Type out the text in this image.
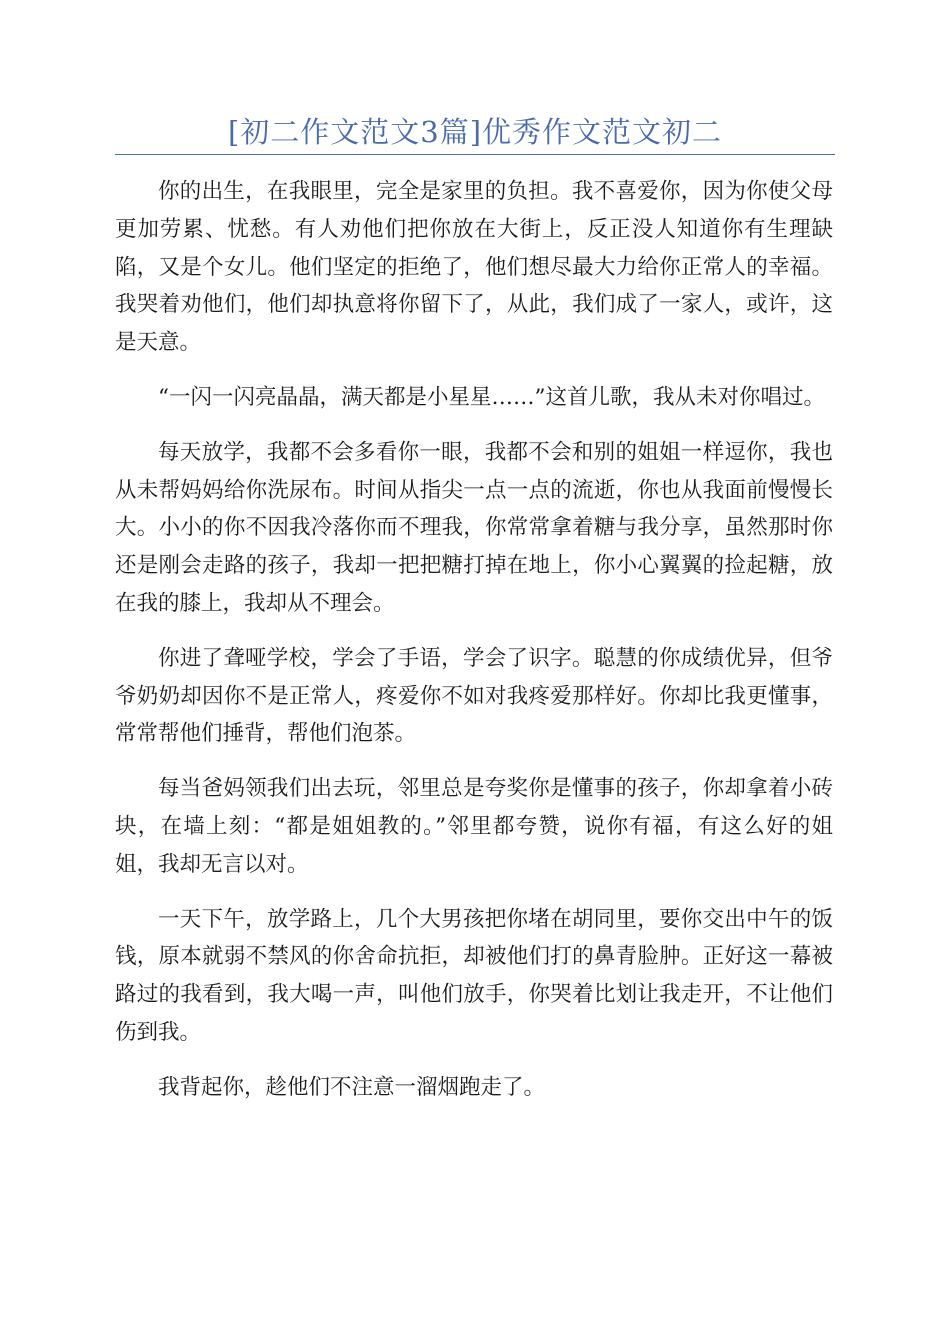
[初二作文范文3篇]优秀作文范文初二

你的出生，在我眼里，完全是家里的负担。我不喜爱你，因为你使父母更加劳累、忧愁。有人劝他们把你放在大街上，反正没人知道你有生理缺陷，又是个女儿。他们坚定的拒绝了，他们想尽最大力给你正常人的幸福。我哭着劝他们，他们却执意将你留下了，从此，我们成了一家人，或许，这是天意。

“一闪一闪亮晶晶，满天都是小星星……”这首儿歌，我从未对你唱过。

每天放学，我都不会多看你一眼，我都不会和别的姐姐一样逗你，我也从未帮妈妈给你洗尿布。时间从指尖一点一点的流逝，你也从我面前慢慢长大。小小的你不因我冷落你而不理我，你常常拿着糖与我分享，虽然那时你还是刚会走路的孩子，我却一把把糖打掉在地上，你小心翼翼的捡起糖，放在我的膝上，我却从不理会。

你进了聋哑学校，学会了手语，学会了识字。聪慧的你成绩优异，但爷爷奶奶却因你不是正常人，疼爱你不如对我疼爱那样好。你却比我更懂事，常常帮他们捶背，帮他们泡茶。

每当爸妈领我们出去玩，邻里总是夸奖你是懂事的孩子，你却拿着小砖块，在墙上刻：“都是姐姐教的。”邻里都夸赞，说你有福，有这么好的姐姐，我却无言以对。

一天下午，放学路上，几个大男孩把你堵在胡同里，要你交出中午的饭钱，原本就弱不禁风的你舍命抗拒，却被他们打的鼻青脸肿。正好这一幕被路过的我看到，我大喝一声，叫他们放手，你哭着比划让我走开，不让他们伤到我。

我背起你，趁他们不注意一溜烟跑走了。
